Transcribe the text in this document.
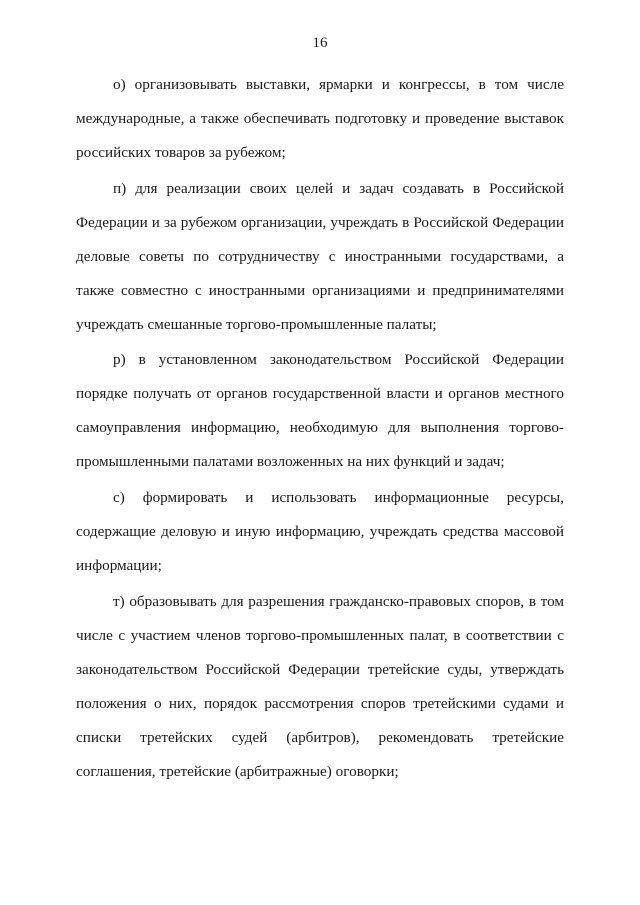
16
о) организовывать выставки, ярмарки и конгрессы, в том числе
международные, а также обеспечивать подготовку и проведение выставок
российских товаров за рубежом;
п) для реализации своих целей и задач создавать в Российской
Федерации и за рубежом организации, учреждать в Российской Федерации
деловые советы по сотрудничеству с иностранными государствами, а
также совместно с иностранными организациями и предпринимателями
учреждать смешанные торгово-промышленные палаты;
р) в установленном законодательством Российской Федерации
порядке получать от органов государственной власти и органов местного
самоуправления информацию, необходимую для выполнения торгово-
промышленными палатами возложенных на них функций и задач;
с) формировать и использовать информационные ресурсы,
содержащие деловую и иную информацию, учреждать средства массовой
информации;
т) образовывать для разрешения гражданско-правовых споров, в том
числе с участием членов торгово-промышленных палат, в соответствии с
законодательством Российской Федерации третейские суды, утверждать
положения о них, порядок рассмотрения споров третейскими судами и
списки третейских судей (арбитров), рекомендовать третейские
соглашения, третейские (арбитражные) оговорки;
